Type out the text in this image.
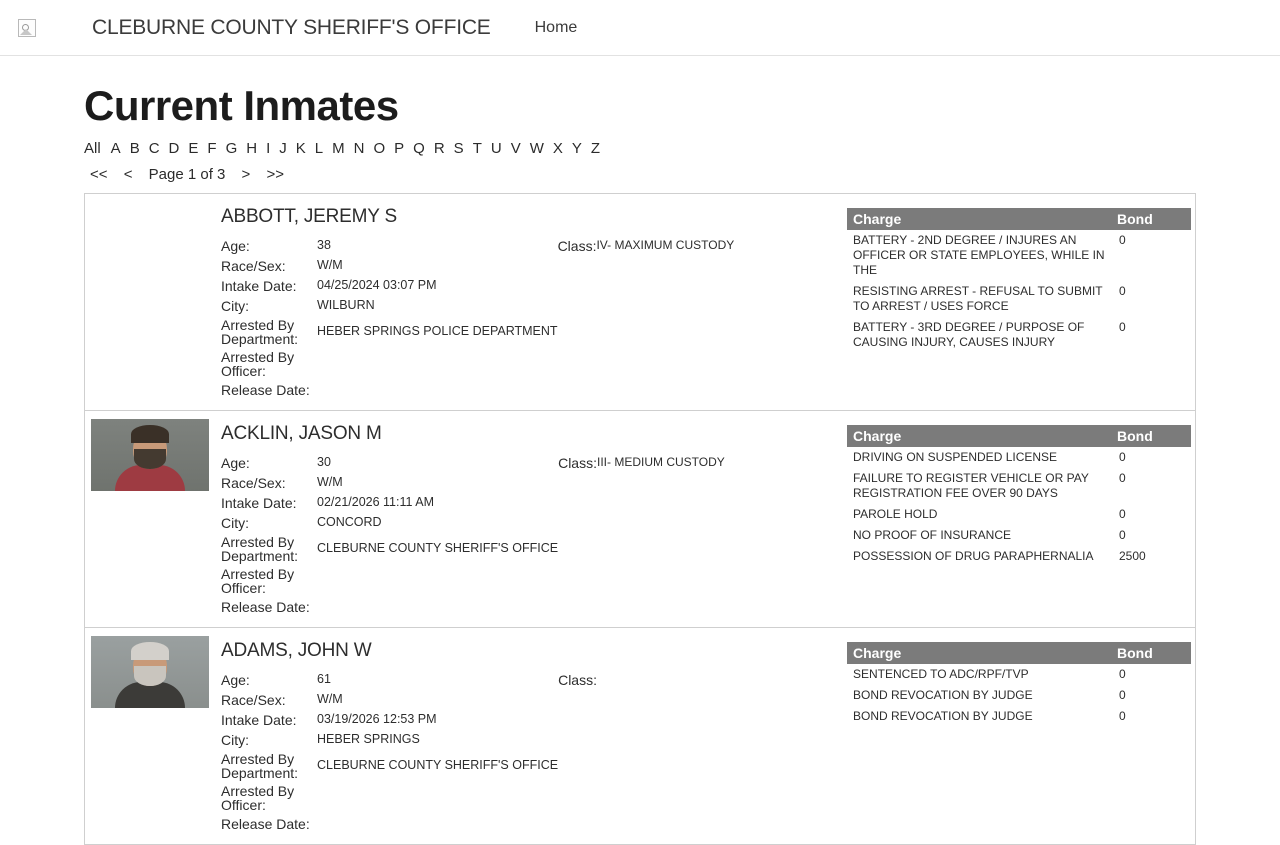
CLEBURNE COUNTY SHERIFF'S OFFICE	Home
Current Inmates
All A B C D E F G H I J K L M N O P Q R S T U V W X Y Z
<< < Page 1 of 3 > >>
ABBOTT, JEREMY S
Age:	38	Class:	IV- MAXIMUM CUSTODY
Race/Sex:	W/M		
Intake Date:	04/25/2024 03:07 PM		
City:	WILBURN		
Arrested By Department:	HEBER SPRINGS POLICE DEPARTMENT		
Arrested By Officer:			
Release Date:			
Charge	Bond
BATTERY - 2ND DEGREE / INJURES AN OFFICER OR STATE EMPLOYEES, WHILE IN THE	0
RESISTING ARREST - REFUSAL TO SUBMIT TO ARREST / USES FORCE	0
BATTERY - 3RD DEGREE / PURPOSE OF CAUSING INJURY, CAUSES INJURY	0
ACKLIN, JASON M
Age:	30	Class:	III- MEDIUM CUSTODY
Race/Sex:	W/M		
Intake Date:	02/21/2026 11:11 AM		
City:	CONCORD		
Arrested By Department:	CLEBURNE COUNTY SHERIFF'S OFFICE		
Arrested By Officer:			
Release Date:			
Charge	Bond
DRIVING ON SUSPENDED LICENSE	0
FAILURE TO REGISTER VEHICLE OR PAY REGISTRATION FEE OVER 90 DAYS	0
PAROLE HOLD	0
NO PROOF OF INSURANCE	0
POSSESSION OF DRUG PARAPHERNALIA	2500
ADAMS, JOHN W
Age:	61	Class:	
Race/Sex:	W/M		
Intake Date:	03/19/2026 12:53 PM		
City:	HEBER SPRINGS		
Arrested By Department:	CLEBURNE COUNTY SHERIFF'S OFFICE		
Arrested By Officer:			
Release Date:			
Charge	Bond
SENTENCED TO ADC/RPF/TVP	0
BOND REVOCATION BY JUDGE	0
BOND REVOCATION BY JUDGE	0
